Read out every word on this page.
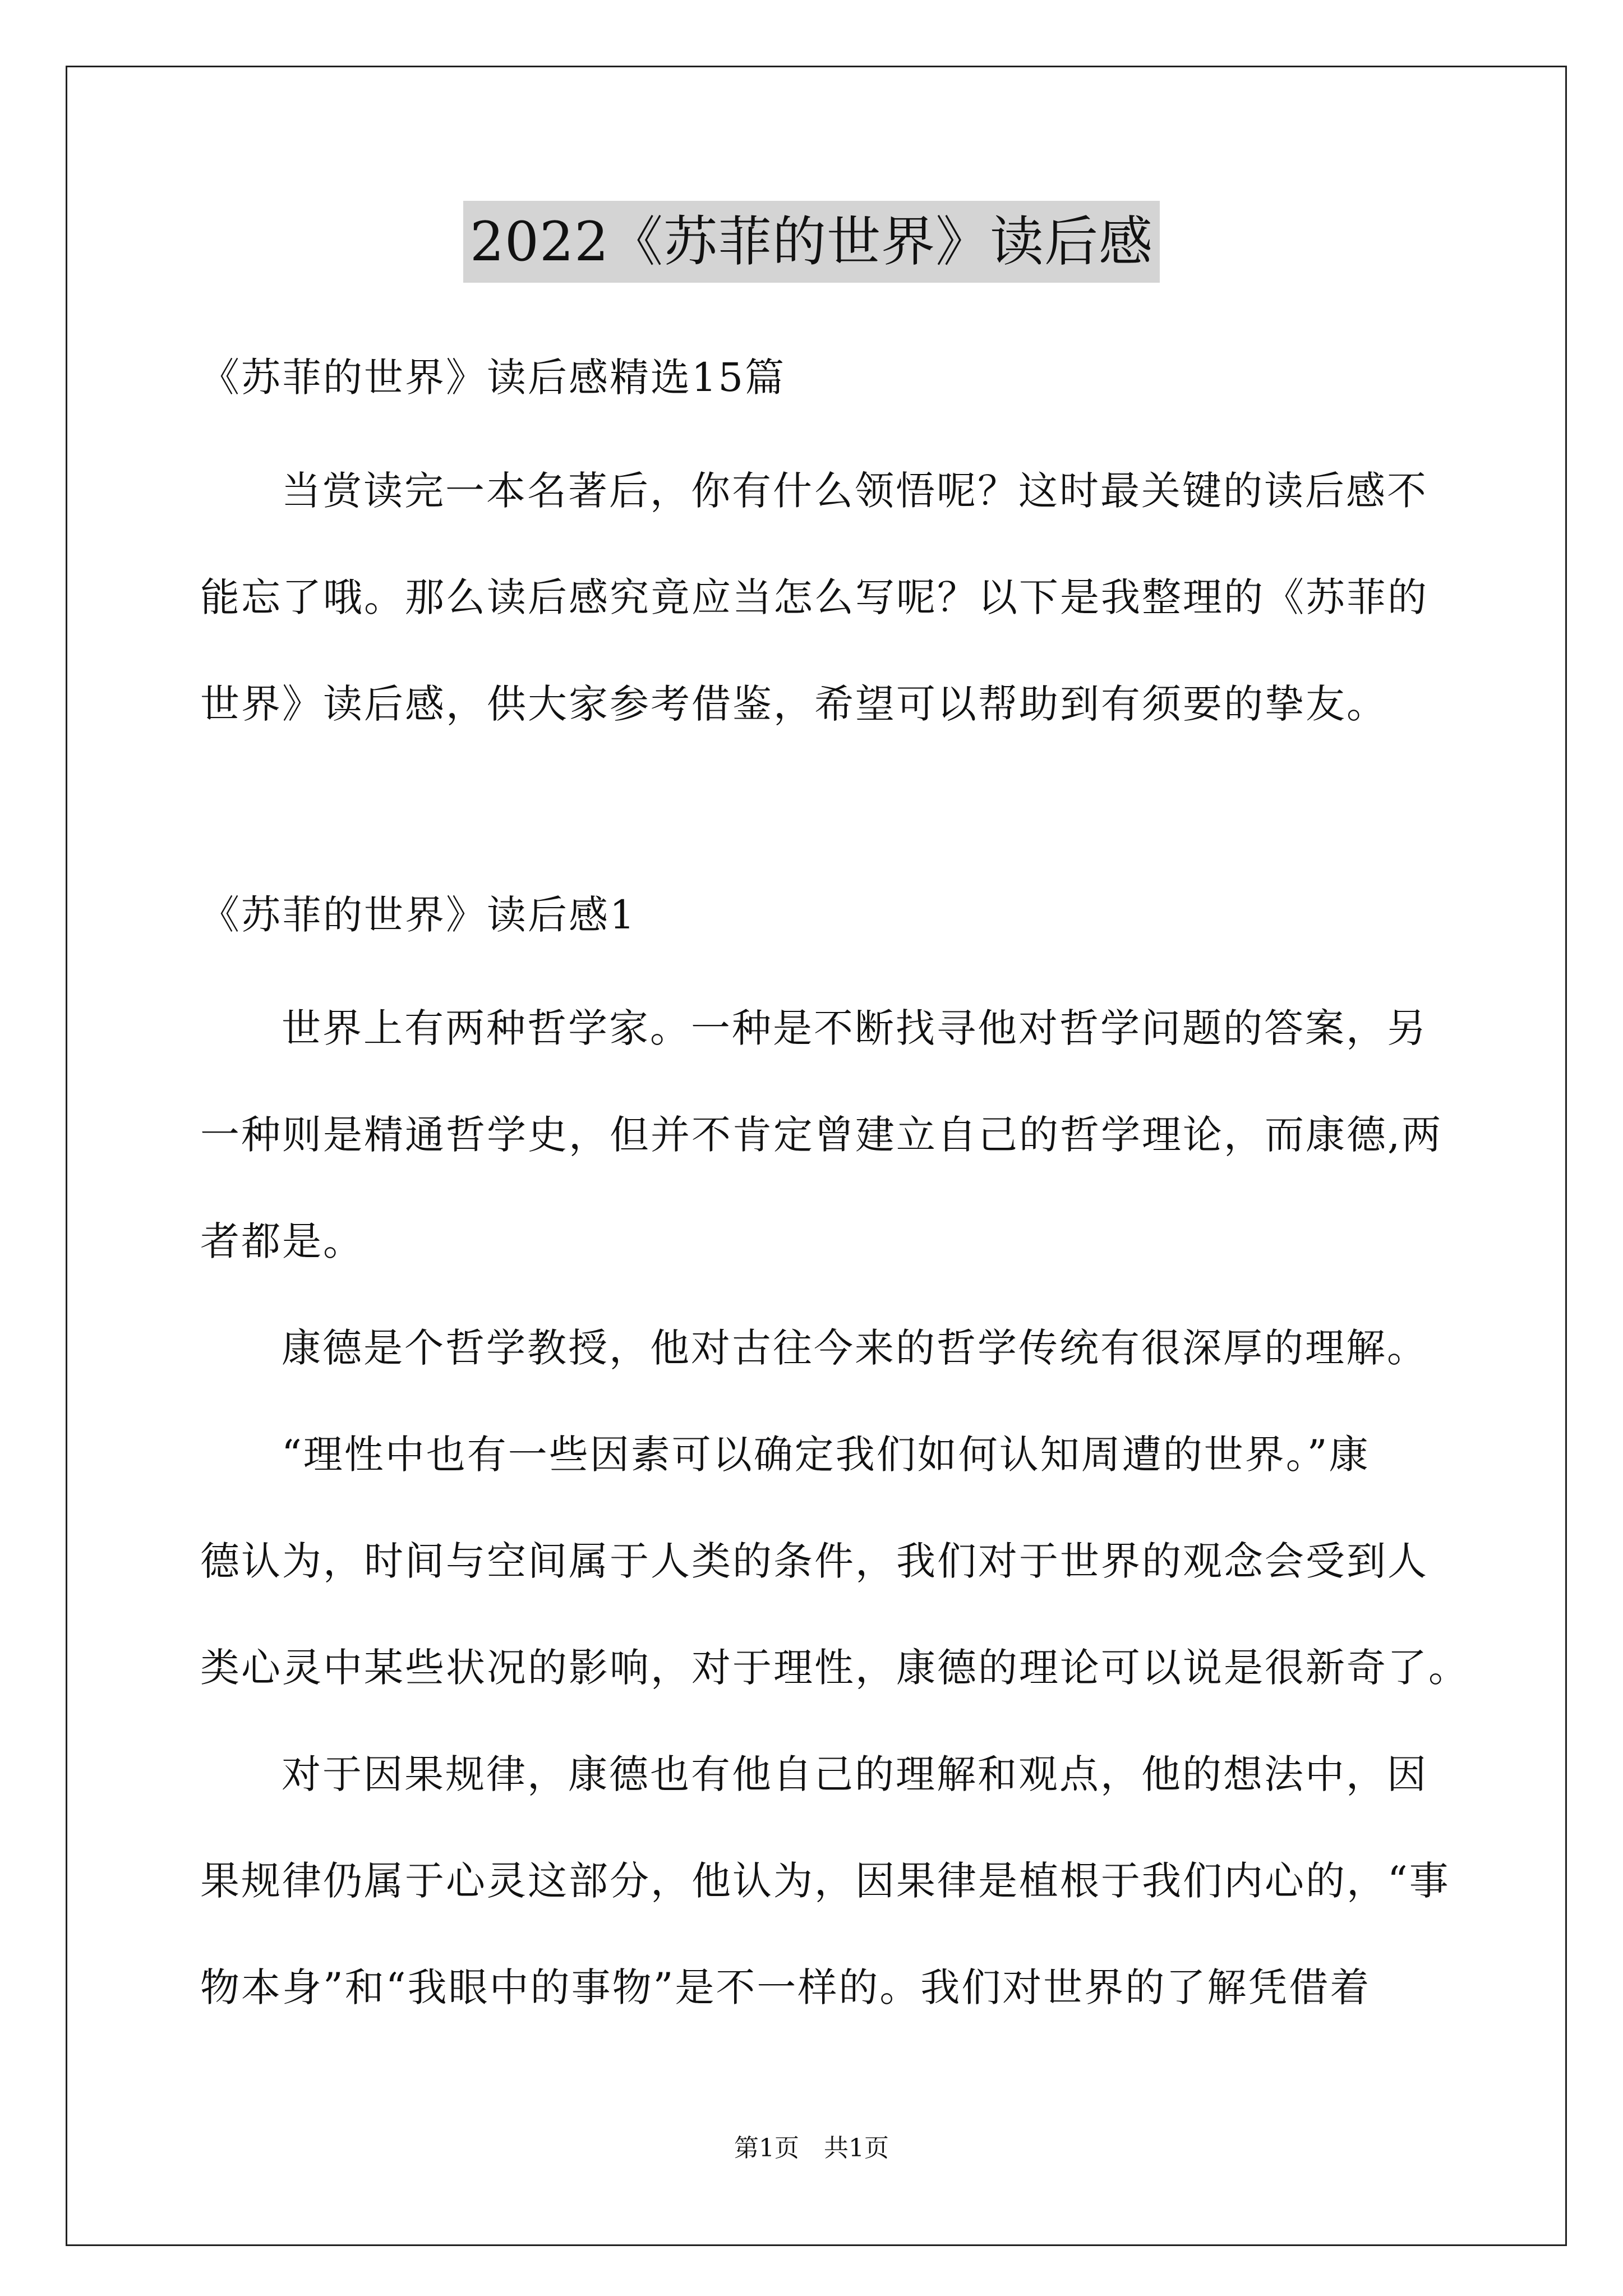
2022《苏菲的世界》读后感
《苏菲的世界》读后感精选15篇
当赏读完一本名著后，你有什么领悟呢？这时最关键的读后感不
能忘了哦。那么读后感究竟应当怎么写呢？以下是我整理的《苏菲的
世界》读后感，供大家参考借鉴，希望可以帮助到有须要的挚友。
《苏菲的世界》读后感1
世界上有两种哲学家。一种是不断找寻他对哲学问题的答案，另
一种则是精通哲学史，但并不肯定曾建立自己的哲学理论，而康德,两
者都是。
康德是个哲学教授，他对古往今来的哲学传统有很深厚的理解。
“理性中也有一些因素可以确定我们如何认知周遭的世界。”康
德认为，时间与空间属于人类的条件，我们对于世界的观念会受到人
类心灵中某些状况的影响，对于理性，康德的理论可以说是很新奇了。
对于因果规律，康德也有他自己的理解和观点，他的想法中，因
果规律仍属于心灵这部分，他认为，因果律是植根于我们内心的，“事
物本身”和“我眼中的事物”是不一样的。我们对世界的了解凭借着
第1页　共1页
